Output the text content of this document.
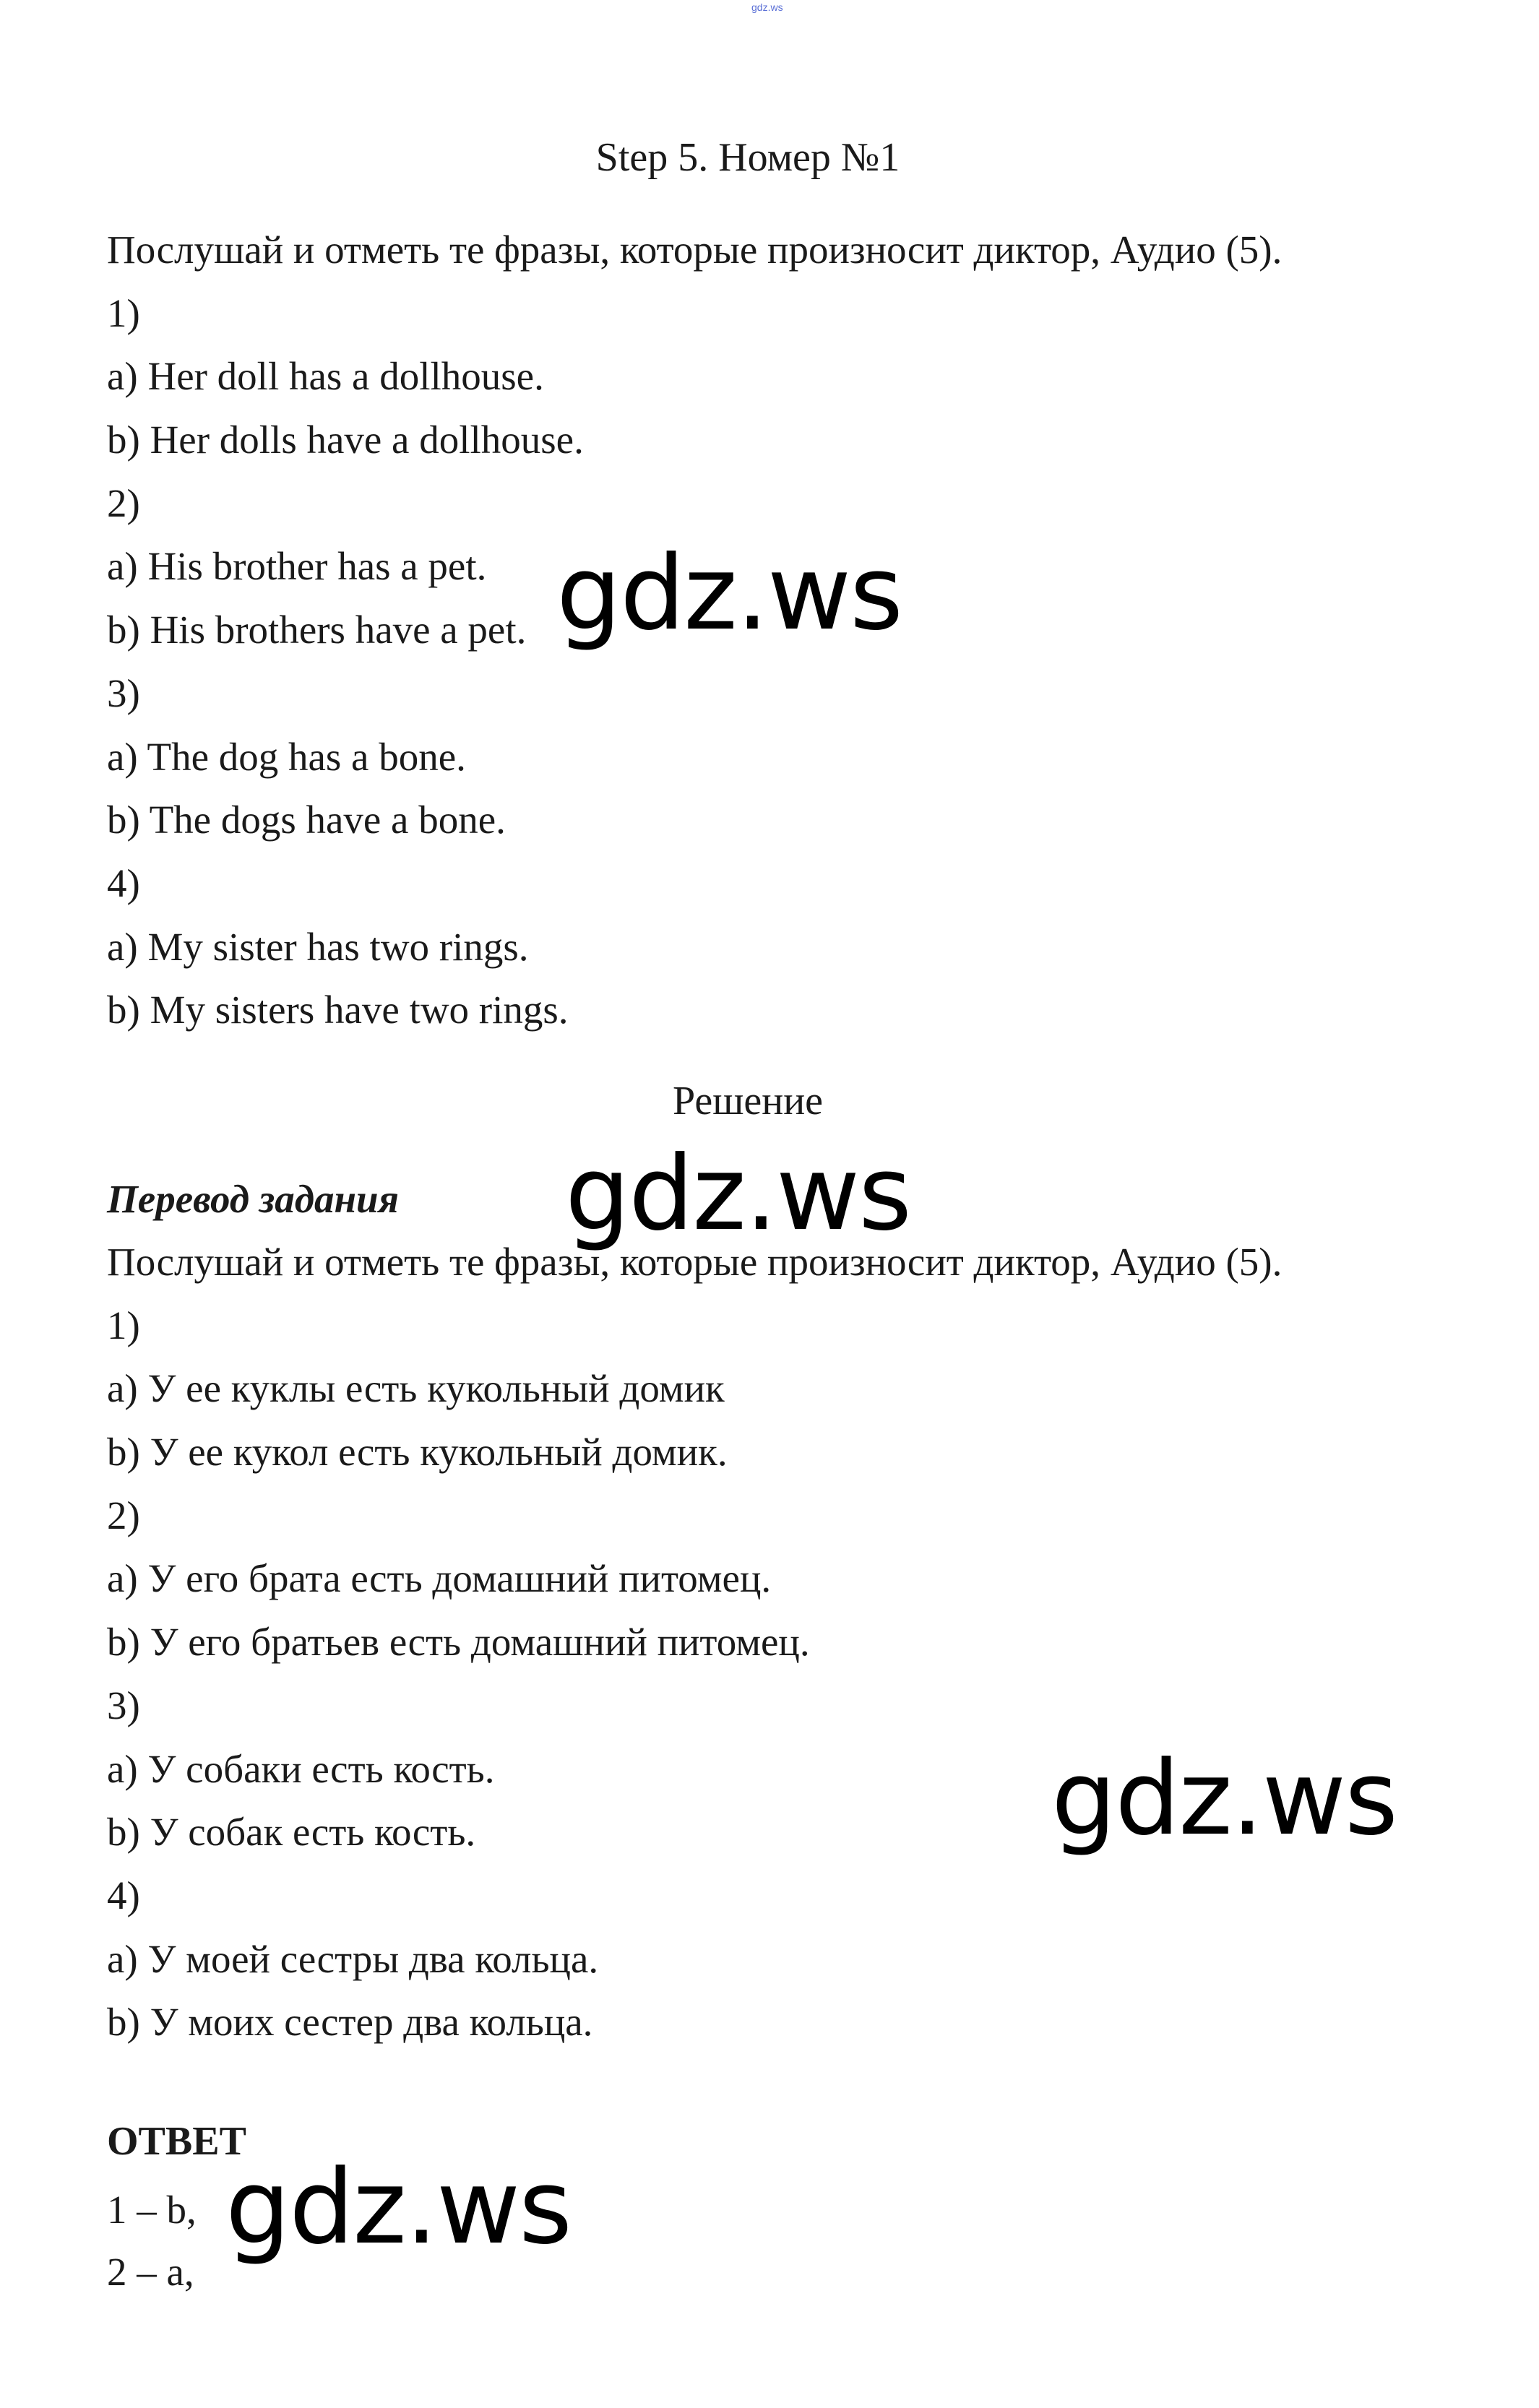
gdz.ws
Step 5. Номер №1
Послушай и отметь те фразы, которые произносит диктор, Аудио (5).
1)
a) Her doll has a dollhouse.
b) Her dolls have a dollhouse.
2)
a) His brother has a pet.
b) His brothers have a pet.
3)
a) The dog has a bone.
b) The dogs have a bone.
4)
a) My sister has two rings.
b) My sisters have two rings.
Решение
Перевод задания
Послушай и отметь те фразы, которые произносит диктор, Аудио (5).
1)
a) У ее куклы есть кукольный домик
b) У ее кукол есть кукольный домик.
2)
a) У его брата есть домашний питомец.
b) У его братьев есть домашний питомец.
3)
a) У собаки есть кость.
b) У собак есть кость.
4)
a) У моей сестры два кольца.
b) У моих сестер два кольца.
ОТВЕТ
1 – b,
2 – a,
gdz.ws
gdz.ws
gdz.ws
gdz.ws
